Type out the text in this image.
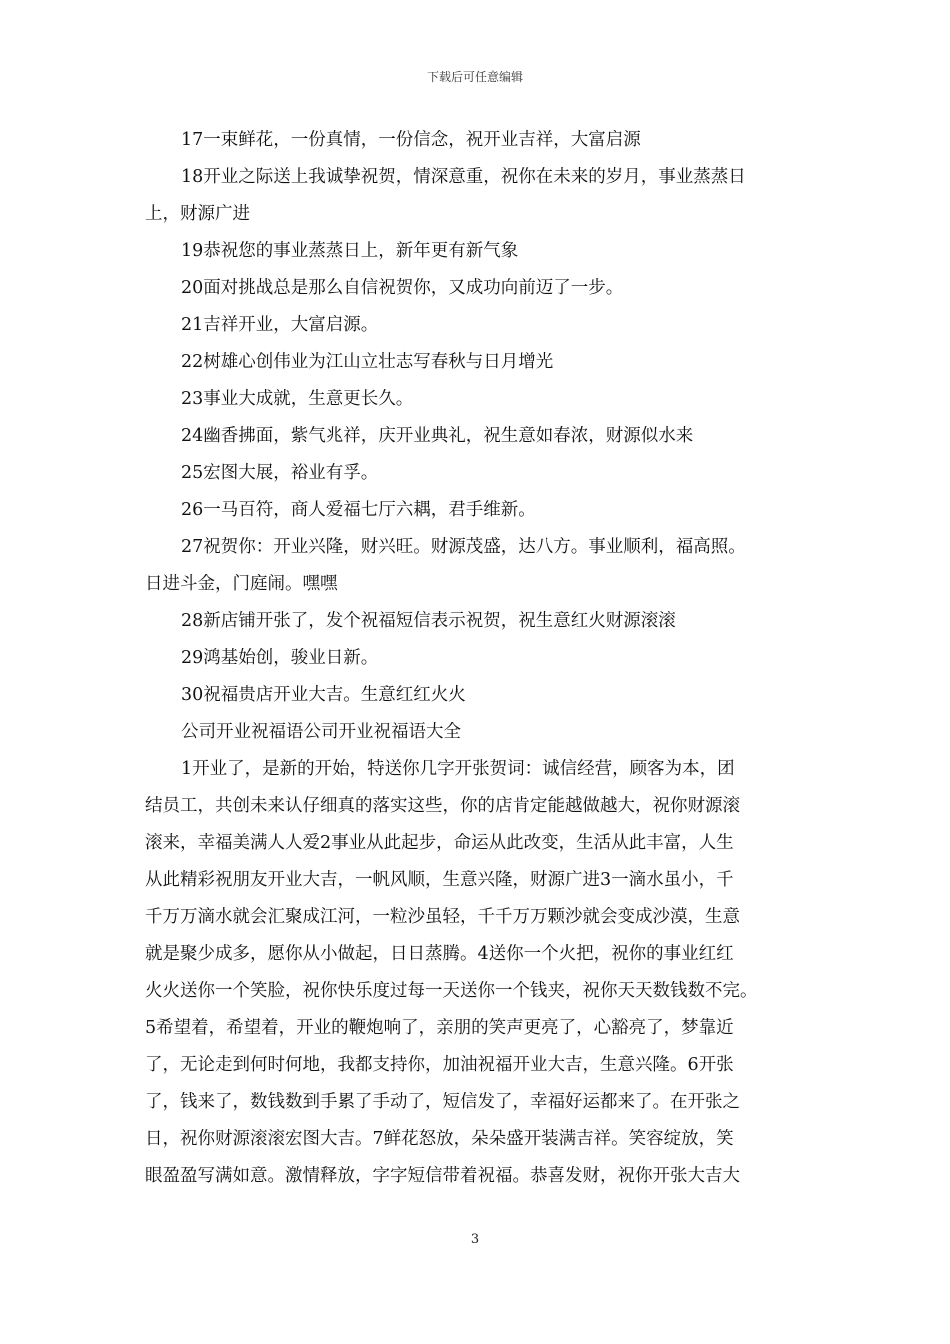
下载后可任意编辑
17一束鲜花，一份真情，一份信念，祝开业吉祥，大富启源
18开业之际送上我诚挚祝贺，情深意重，祝你在未来的岁月，事业蒸蒸日
上，财源广进
19恭祝您的事业蒸蒸日上，新年更有新气象
20面对挑战总是那么自信祝贺你，又成功向前迈了一步。
21吉祥开业，大富启源。
22树雄心创伟业为江山立壮志写春秋与日月增光
23事业大成就，生意更长久。
24幽香拂面，紫气兆祥，庆开业典礼，祝生意如春浓，财源似水来
25宏图大展，裕业有孚。
26一马百符，商人爱福七厅六耦，君手维新。
27祝贺你：开业兴隆，财兴旺。财源茂盛，达八方。事业顺利，福高照。
日进斗金，门庭闹。嘿嘿
28新店铺开张了，发个祝福短信表示祝贺，祝生意红火财源滚滚
29鸿基始创，骏业日新。
30祝福贵店开业大吉。生意红红火火
公司开业祝福语公司开业祝福语大全
1开业了，是新的开始，特送你几字开张贺词：诚信经营，顾客为本，团
结员工，共创未来认仔细真的落实这些，你的店肯定能越做越大，祝你财源滚
滚来，幸福美满人人爱2事业从此起步，命运从此改变，生活从此丰富，人生
从此精彩祝朋友开业大吉，一帆风顺，生意兴隆，财源广进3一滴水虽小，千
千万万滴水就会汇聚成江河，一粒沙虽轻，千千万万颗沙就会变成沙漠，生意
就是聚少成多，愿你从小做起，日日蒸腾。4送你一个火把，祝你的事业红红
火火送你一个笑脸，祝你快乐度过每一天送你一个钱夹，祝你天天数钱数不完。
5希望着，希望着，开业的鞭炮响了，亲朋的笑声更亮了，心豁亮了，梦靠近
了，无论走到何时何地，我都支持你，加油祝福开业大吉，生意兴隆。6开张
了，钱来了，数钱数到手累了手动了，短信发了，幸福好运都来了。在开张之
日，祝你财源滚滚宏图大吉。7鲜花怒放，朵朵盛开装满吉祥。笑容绽放，笑
眼盈盈写满如意。激情释放，字字短信带着祝福。恭喜发财，祝你开张大吉大
3
